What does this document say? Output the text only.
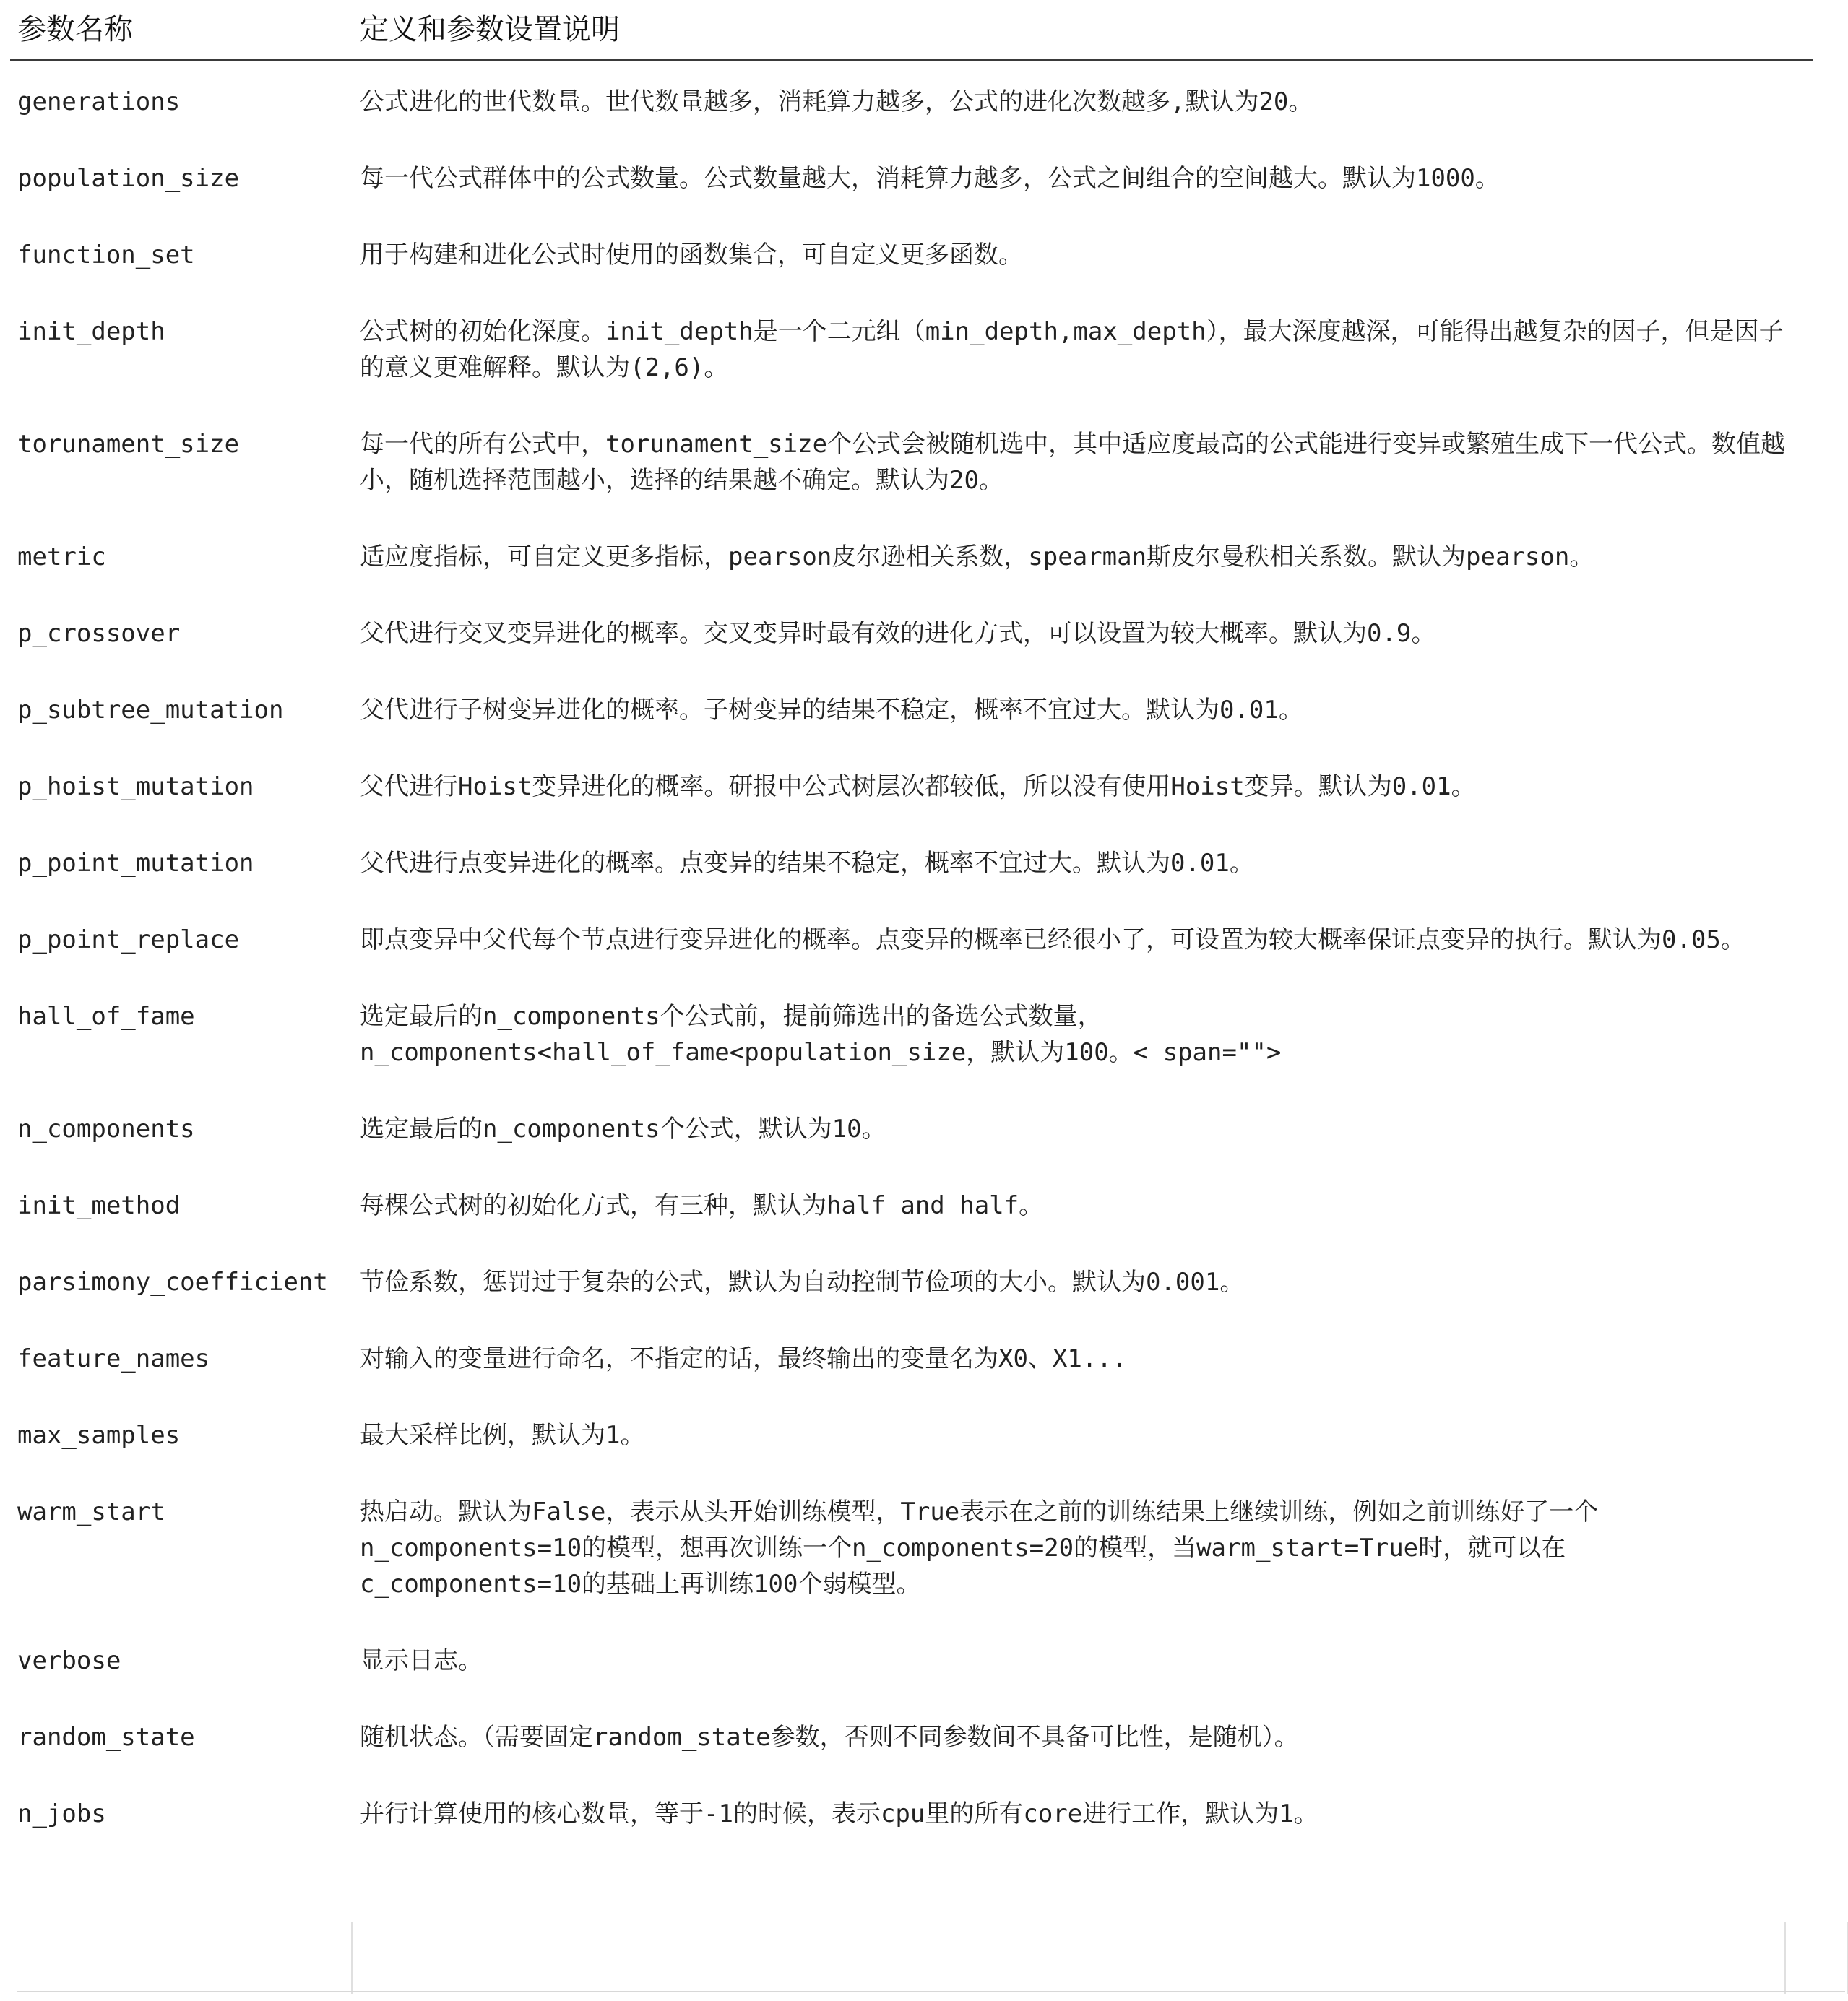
参数名称	定义和参数设置说明
generations	公式进化的世代数量。世代数量越多，消耗算力越多，公式的进化次数越多,默认为20。
population_size	每一代公式群体中的公式数量。公式数量越大，消耗算力越多，公式之间组合的空间越大。默认为1000。
function_set	用于构建和进化公式时使用的函数集合，可自定义更多函数。
init_depth	公式树的初始化深度。init_depth是一个二元组（min_depth,max_depth），最大深度越深，可能得出越复杂的因子，但是因子的意义更难解释。默认为(2,6)。
torunament_size	每一代的所有公式中，torunament_size个公式会被随机选中，其中适应度最高的公式能进行变异或繁殖生成下一代公式。数值越小，随机选择范围越小，选择的结果越不确定。默认为20。
metric	适应度指标，可自定义更多指标，pearson皮尔逊相关系数，spearman斯皮尔曼秩相关系数。默认为pearson。
p_crossover	父代进行交叉变异进化的概率。交叉变异时最有效的进化方式，可以设置为较大概率。默认为0.9。
p_subtree_mutation	父代进行子树变异进化的概率。子树变异的结果不稳定，概率不宜过大。默认为0.01。
p_hoist_mutation	父代进行Hoist变异进化的概率。研报中公式树层次都较低，所以没有使用Hoist变异。默认为0.01。
p_point_mutation	父代进行点变异进化的概率。点变异的结果不稳定，概率不宜过大。默认为0.01。
p_point_replace	即点变异中父代每个节点进行变异进化的概率。点变异的概率已经很小了，可设置为较大概率保证点变异的执行。默认为0.05。
hall_of_fame	选定最后的n_components个公式前，提前筛选出的备选公式数量，
n_components<hall_of_fame<population_size，默认为100。< span="">
n_components	选定最后的n_components个公式，默认为10。
init_method	每棵公式树的初始化方式，有三种，默认为half and half。
parsimony_coefficient	节俭系数，惩罚过于复杂的公式，默认为自动控制节俭项的大小。默认为0.001。
feature_names	对输入的变量进行命名，不指定的话，最终输出的变量名为X0、X1...
max_samples	最大采样比例，默认为1。
warm_start	热启动。默认为False，表示从头开始训练模型，True表示在之前的训练结果上继续训练，例如之前训练好了一个
n_components=10的模型，想再次训练一个n_components=20的模型，当warm_start=True时，就可以在
c_components=10的基础上再训练100个弱模型。
verbose	显示日志。
random_state	随机状态。（需要固定random_state参数，否则不同参数间不具备可比性，是随机）。
n_jobs	并行计算使用的核心数量，等于-1的时候，表示cpu里的所有core进行工作，默认为1。
